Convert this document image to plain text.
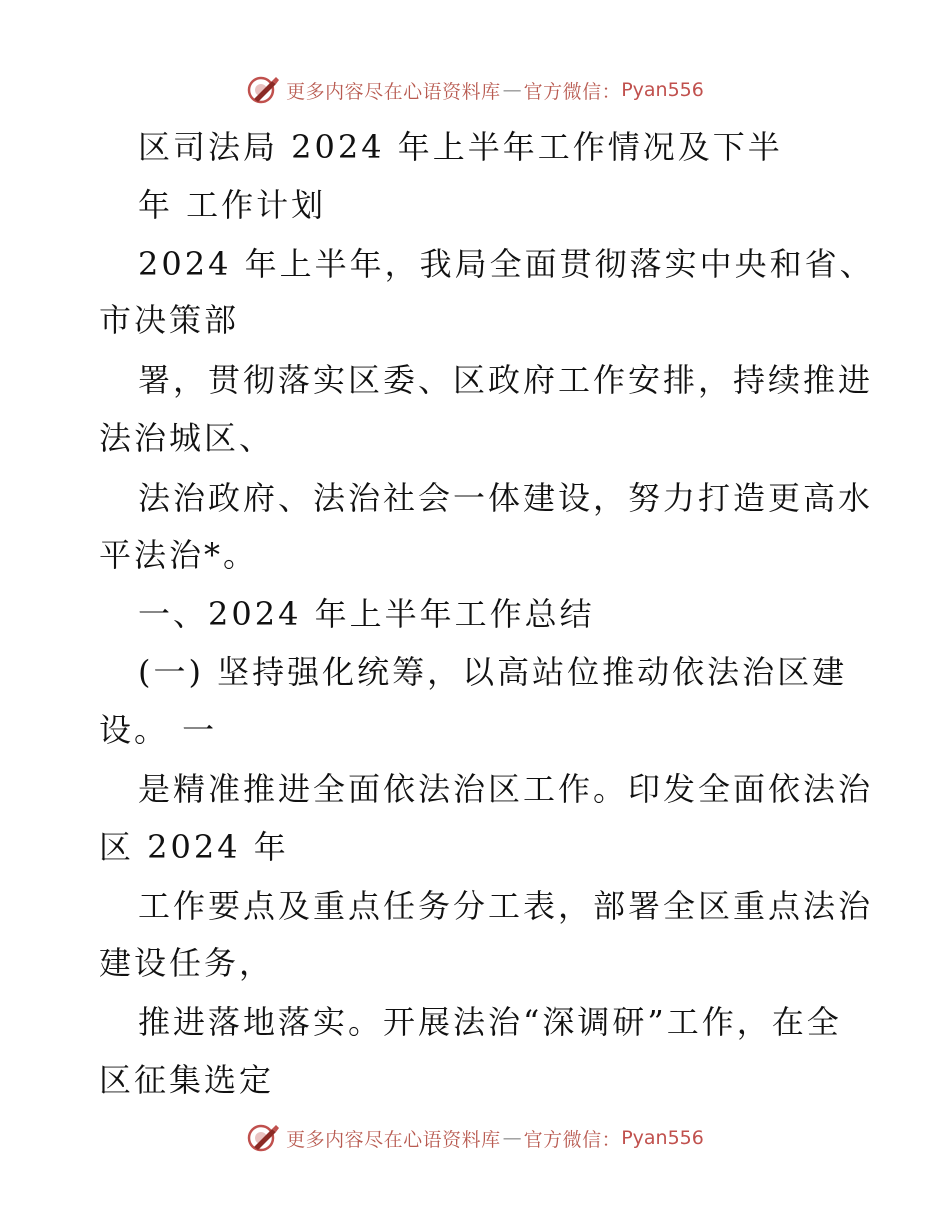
更多内容尽在心语资料库 — 官方微信： Pyan556
区司法局 2024 年上半年工作情况及下半
年 工作计划
2024 年上半年，我局全面贯彻落实中央和省、
市决策部
署，贯彻落实区委、区政府工作安排，持续推进
法治城区、
法治政府、法治社会一体建设，努力打造更高水
平法治*。
一、2024 年上半年工作总结
(一) 坚持强化统筹，以高站位推动依法治区建
设。 一
是精准推进全面依法治区工作。印发全面依法治
区 2024 年
工作要点及重点任务分工表，部署全区重点法治
建设任务，
推进落地落实。开展法治“深调研”工作，在全
区征集选定
更多内容尽在心语资料库 — 官方微信： Pyan556
